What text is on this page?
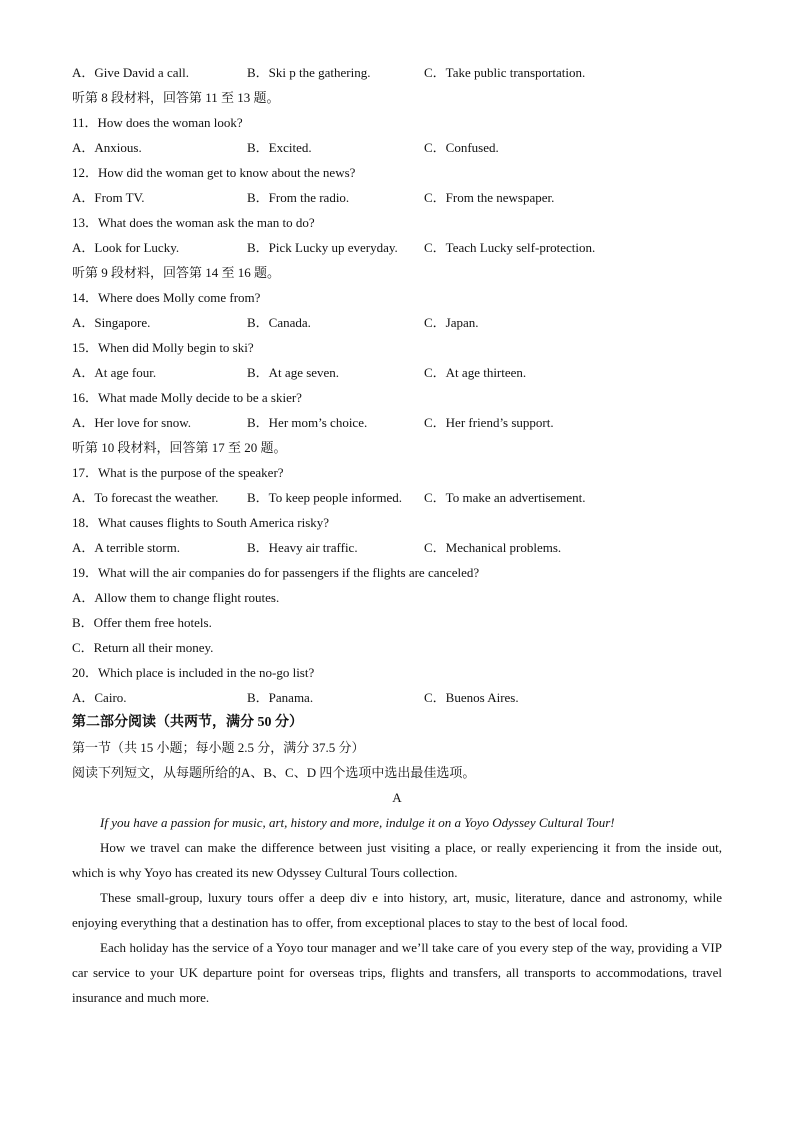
A．Give David a call.	B．Ski p the gathering.	C．Take public transportation.
听第 8 段材料，回答第 11 至 13 题。
11．How does the woman look?
A．Anxious.	B．Excited.	C．Confused.
12．How did the woman get to know about the news?
A．From TV.	B．From the radio.	C．From the newspaper.
13．What does the woman ask the man to do?
A．Look for Lucky.	B．Pick Lucky up everyday. C．Teach Lucky self-protection.
听第 9 段材料，回答第 14 至 16 题。
14．Where does Molly come from?
A．Singapore.	B．Canada.	C．Japan.
15．When did Molly begin to ski?
A．At age four.	B．At age seven.	C．At age thirteen.
16．What made Molly decide to be a skier?
A．Her love for snow.	B．Her mom’s choice.	C．Her friend’s support.
听第 10 段材料，回答第 17 至 20 题。
17．What is the purpose of the speaker?
A．To forecast the weather. B．To keep people informed. C．To make an advertisement.
18．What causes flights to South America risky?
A．A terrible storm.	B．Heavy air traffic.	C．Mechanical problems.
19．What will the air companies do for passengers if the flights are canceled?
A．Allow them to change flight routes.
B．Offer them free hotels.
C．Return all their money.
20．Which place is included in the no-go list?
A．Cairo.	B．Panama.	C．Buenos Aires.
第二部分阅读（共两节，满分 50 分）
第一节（共 15 小题；每小题 2.5 分，满分 37.5 分）
阅读下列短文，从每题所给的A、B、C、D 四个选项中选出最佳选项。
A
If you have a passion for music, art, history and more, indulge it on a Yoyo Odyssey Cultural Tour!
How we travel can make the difference between just visiting a place, or really experiencing it from the inside out, which is why Yoyo has created its new Odyssey Cultural Tours collection.
These small-group, luxury tours offer a deep div e into history, art, music, literature, dance and astronomy, while enjoying everything that a destination has to offer, from exceptional places to stay to the best of local food.
Each holiday has the service of a Yoyo tour manager and we’ll take care of you every step of the way, providing a VIP car service to your UK departure point for overseas trips, flights and transfers, all transports to accommodations, travel insurance and much more.
